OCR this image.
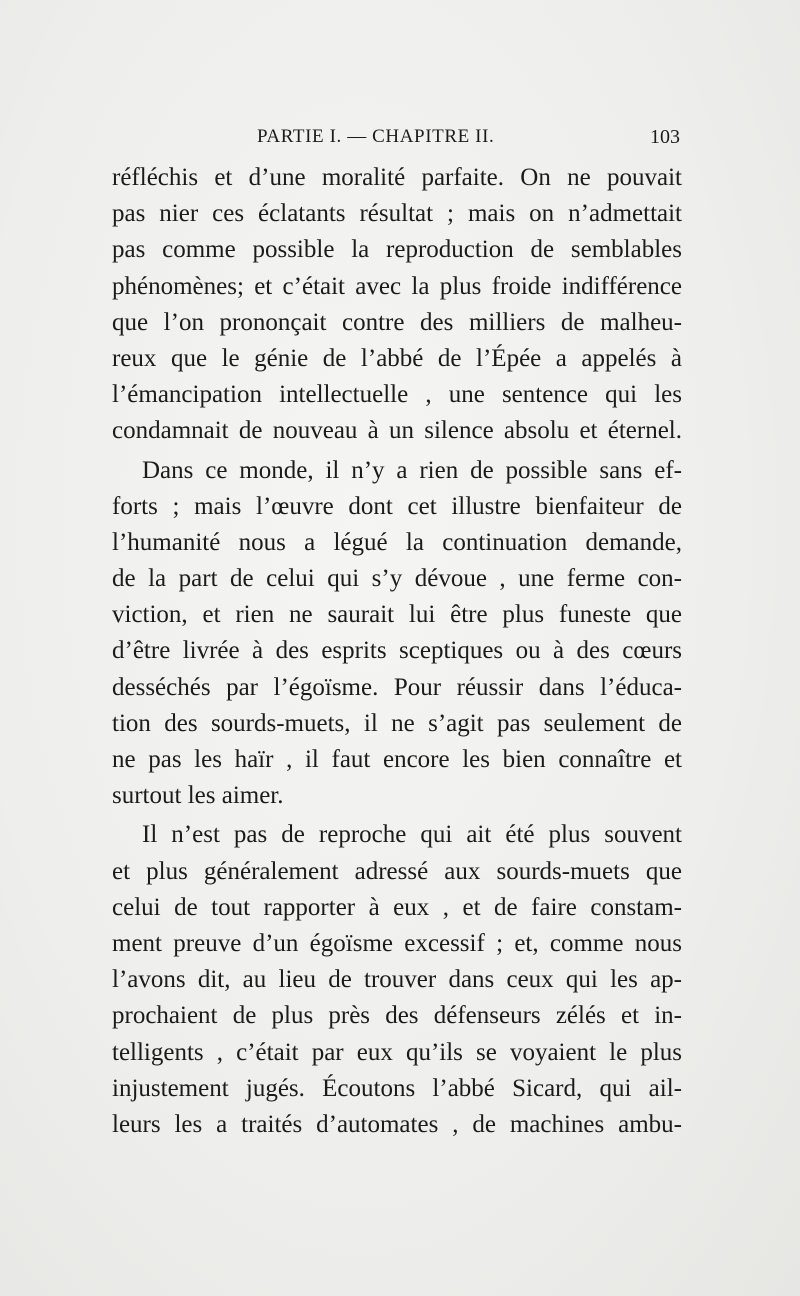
PARTIE I. — CHAPITRE II.	103
réfléchis et d’une moralité parfaite. On ne pouvait
pas nier ces éclatants résultat ; mais on n’admettait
pas comme possible la reproduction de semblables
phénomènes; et c’était avec la plus froide indifférence
que l’on prononçait contre des milliers de malheu-
reux que le génie de l’abbé de l’Épée a appelés à
l’émancipation intellectuelle , une sentence qui les
condamnait de nouveau à un silence absolu et éternel.
Dans ce monde, il n’y a rien de possible sans ef-
forts ; mais l’œuvre dont cet illustre bienfaiteur de
l’humanité nous a légué la continuation demande,
de la part de celui qui s’y dévoue , une ferme con-
viction, et rien ne saurait lui être plus funeste que
d’être livrée à des esprits sceptiques ou à des cœurs
desséchés par l’égoïsme. Pour réussir dans l’éduca-
tion des sourds-muets, il ne s’agit pas seulement de
ne pas les haïr , il faut encore les bien connaître et
surtout les aimer.
Il n’est pas de reproche qui ait été plus souvent
et plus généralement adressé aux sourds-muets que
celui de tout rapporter à eux , et de faire constam-
ment preuve d’un égoïsme excessif ; et, comme nous
l’avons dit, au lieu de trouver dans ceux qui les ap-
prochaient de plus près des défenseurs zélés et in-
telligents , c’était par eux qu’ils se voyaient le plus
injustement jugés. Écoutons l’abbé Sicard, qui ail-
leurs les a traités d’automates , de machines ambu-
